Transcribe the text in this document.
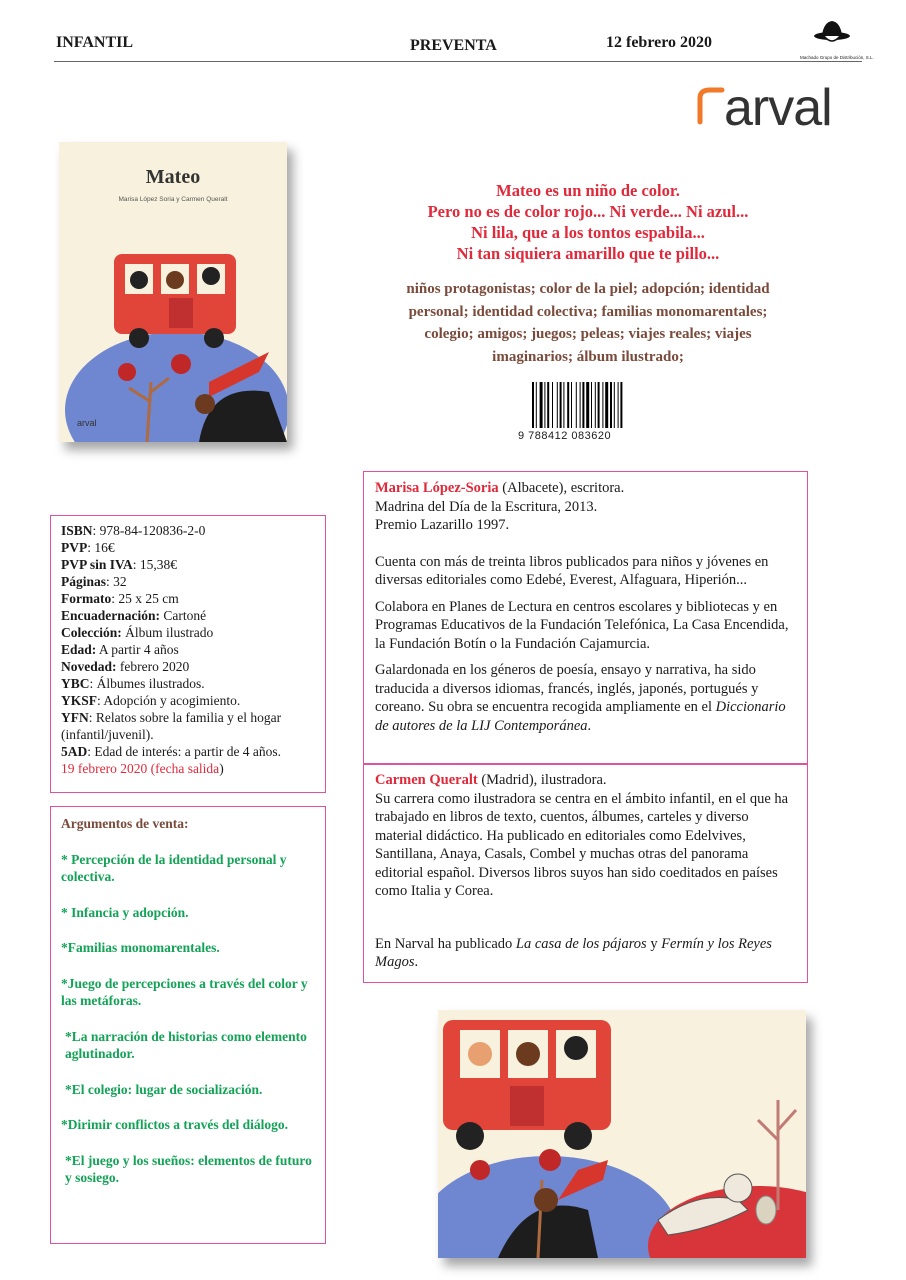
INFANTIL	PREVENTA	12 febrero 2020
Machado Grupo de Distribución, S.L.
arval
Mateo
Marisa López Soria y Carmen Queralt
arval
Mateo es un niño de color.
Pero no es de color rojo... Ni verde... Ni azul...
Ni lila, que a los tontos espabila...
Ni tan siquiera amarillo que te pillo...
niños protagonistas; color de la piel; adopción; identidad
personal; identidad colectiva; familias monomarentales;
colegio; amigos; juegos; peleas; viajes reales; viajes
imaginarios; álbum ilustrado;
9 788412 083620
ISBN: 978-84-120836-2-0
PVP: 16€
PVP sin IVA: 15,38€
Páginas: 32
Formato: 25 x 25 cm
Encuadernación: Cartoné
Colección: Álbum ilustrado
Edad: A partir 4 años
Novedad: febrero 2020
YBC: Álbumes ilustrados.
YKSF: Adopción y acogimiento.
YFN: Relatos sobre la familia y el hogar (infantil/juvenil).
5AD: Edad de interés: a partir de 4 años.
19 febrero 2020 (fecha salida)

Argumentos de venta:

* Percepción de la identidad personal y colectiva.

* Infancia y adopción.

*Familias monomarentales.

*Juego de percepciones a través del color y las metáforas.

*La narración de historias como elemento aglutinador.

*El colegio: lugar de socialización.

*Dirimir conflictos a través del diálogo.

*El juego y los sueños: elementos de futuro y sosiego.

Marisa López-Soria (Albacete), escritora.

Madrina del Día de la Escritura, 2013.

Premio Lazarillo 1997.

Cuenta con más de treinta libros publicados para niños y jóvenes en diversas editoriales como Edebé, Everest, Alfaguara, Hiperión...

Colabora en Planes de Lectura en centros escolares y bibliotecas y en Programas Educativos de la Fundación Telefónica, La Casa Encendida, la Fundación Botín o la Fundación Cajamurcia.

Galardonada en los géneros de poesía, ensayo y narrativa, ha sido traducida a diversos idiomas, francés, inglés, japonés, portugués y coreano. Su obra se encuentra recogida ampliamente en el Diccionario de autores de la LIJ Contemporánea.

Carmen Queralt (Madrid), ilustradora.

Su carrera como ilustradora se centra en el ámbito infantil, en el que ha trabajado en libros de texto, cuentos, álbumes, carteles y diverso material didáctico. Ha publicado en editoriales como Edelvives, Santillana, Anaya, Casals, Combel y muchas otras del panorama editorial español. Diversos libros suyos han sido coeditados en países como Italia y Corea.

En Narval ha publicado La casa de los pájaros y Fermín y los Reyes Magos.
